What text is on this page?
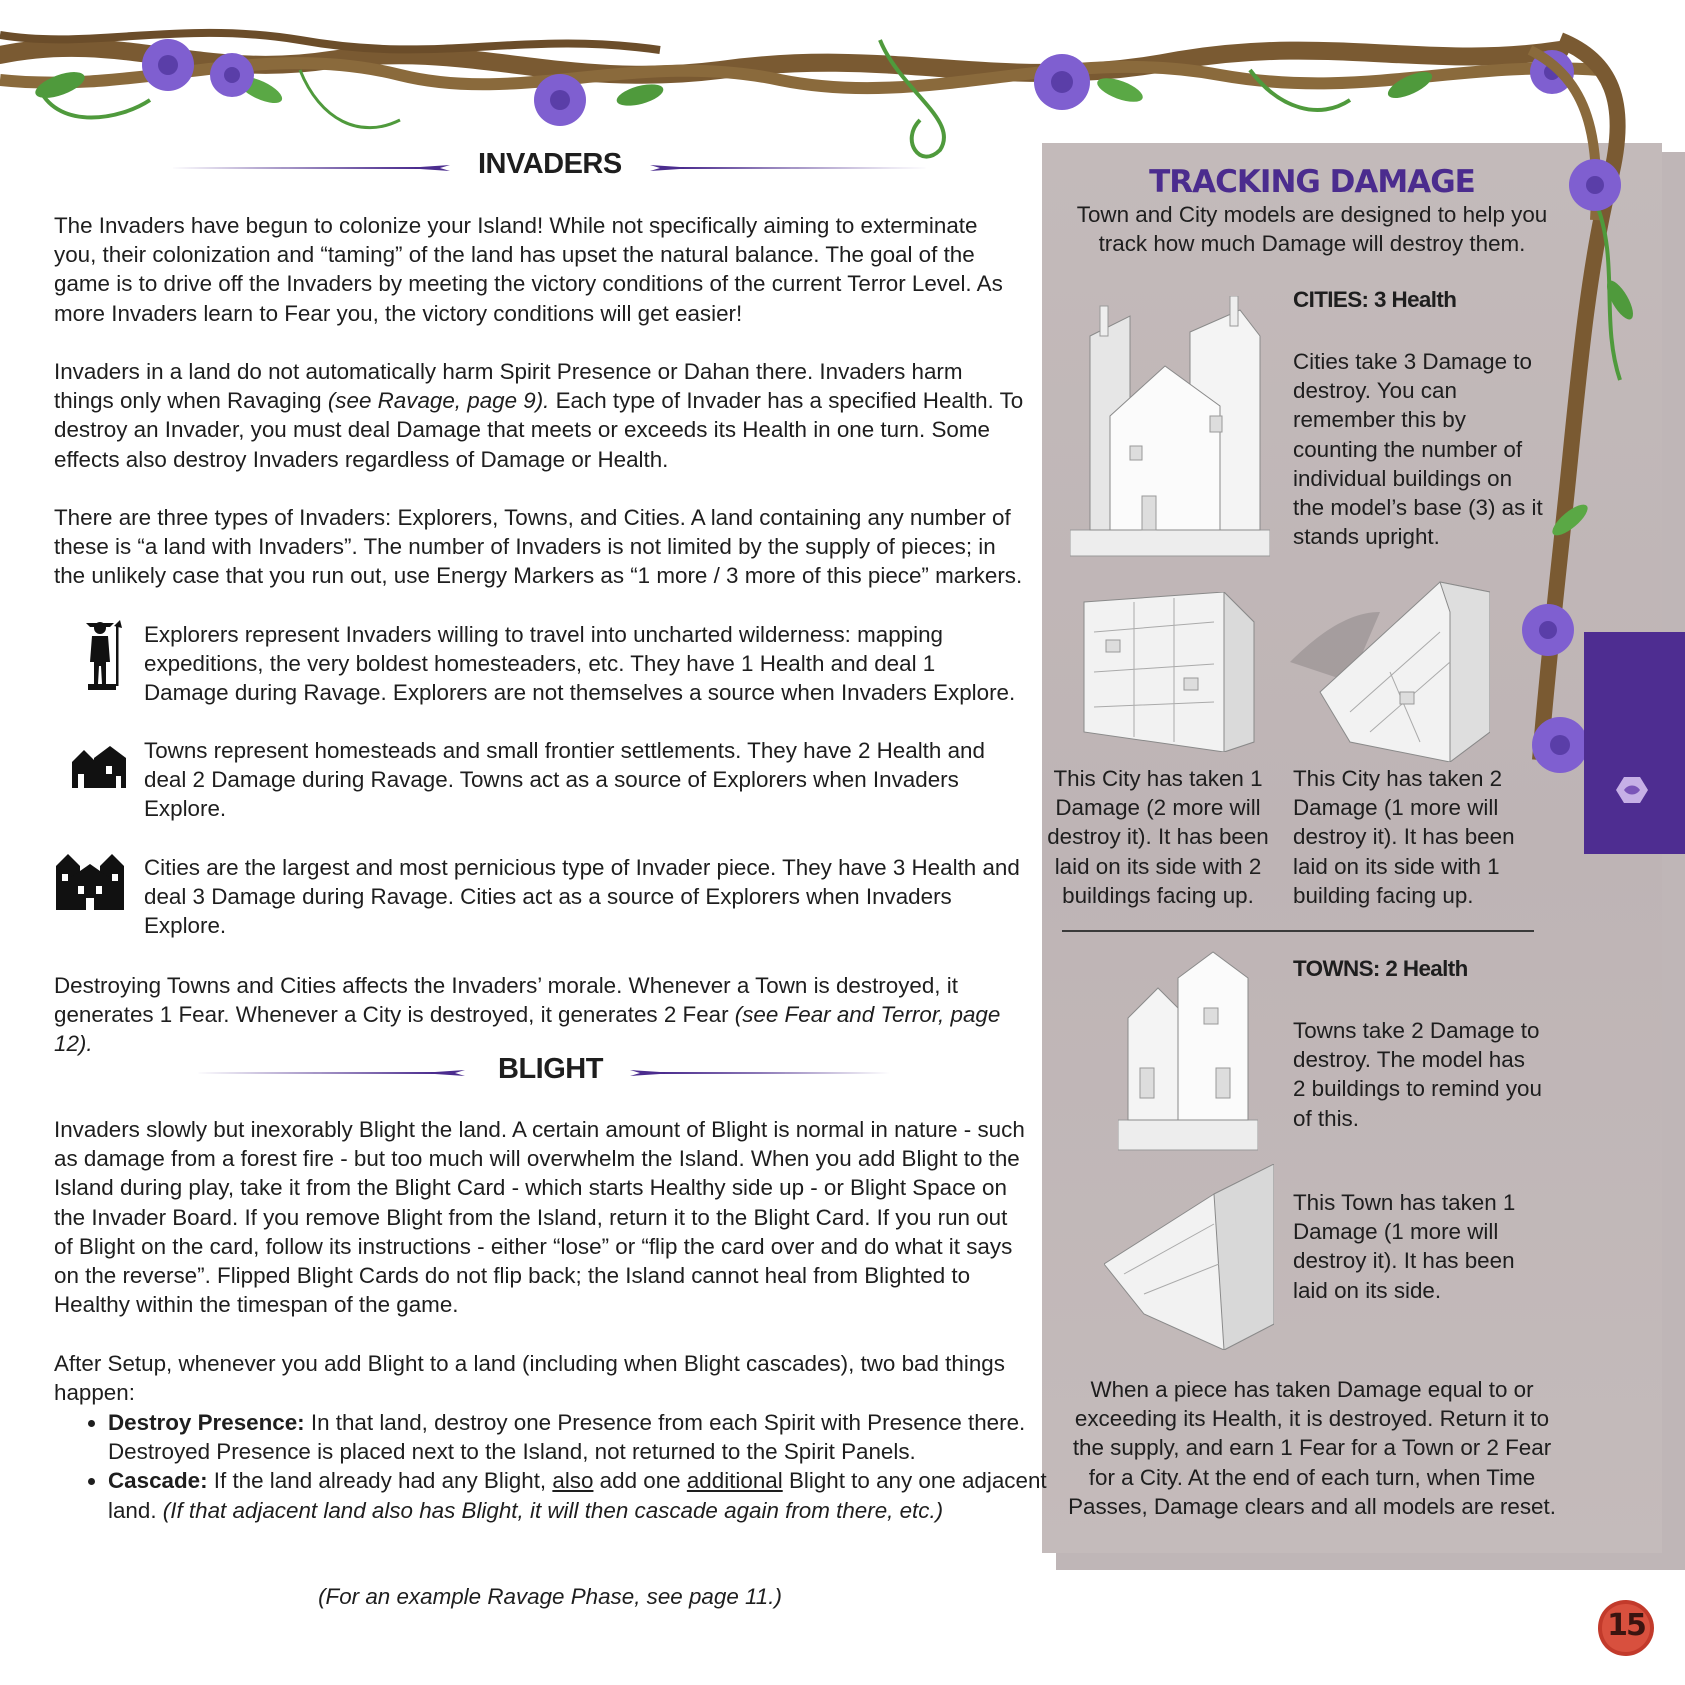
INVADERS

The Invaders have begun to colonize your Island! While not specifically aiming to exterminate you, their colonization and “taming” of the land has upset the natural balance. The goal of the game is to drive off the Invaders by meeting the victory conditions of the current Terror Level. As more Invaders learn to Fear you, the victory conditions will get easier!

Invaders in a land do not automatically harm Spirit Presence or Dahan there. Invaders harm things only when Ravaging (see Ravage, page 9). Each type of Invader has a specified Health. To destroy an Invader, you must deal Damage that meets or exceeds its Health in one turn. Some effects also destroy Invaders regardless of Damage or Health.

There are three types of Invaders: Explorers, Towns, and Cities. A land containing any number of these is “a land with Invaders”. The number of Invaders is not limited by the supply of pieces; in the unlikely case that you run out, use Energy Markers as “1 more / 3 more of this piece” markers.

Explorers represent Invaders willing to travel into uncharted wilderness: mapping expeditions, the very boldest homesteaders, etc. They have 1 Health and deal 1 Damage during Ravage. Explorers are not themselves a source when Invaders Explore.

Towns represent homesteads and small frontier settlements. They have 2 Health and deal 2 Damage during Ravage. Towns act as a source of Explorers when Invaders Explore.

Cities are the largest and most pernicious type of Invader piece. They have 3 Health and deal 3 Damage during Ravage. Cities act as a source of Explorers when Invaders Explore.

Destroying Towns and Cities affects the Invaders’ morale. Whenever a Town is destroyed, it generates 1 Fear. Whenever a City is destroyed, it generates 2 Fear (see Fear and Terror, page 12).

BLIGHT

Invaders slowly but inexorably Blight the land. A certain amount of Blight is normal in nature - such as damage from a forest fire - but too much will overwhelm the Island. When you add Blight to the Island during play, take it from the Blight Card - which starts Healthy side up - or Blight Space on the Invader Board. If you remove Blight from the Island, return it to the Blight Card. If you run out of Blight on the card, follow its instructions - either “lose” or “flip the card over and do what it says on the reverse”. Flipped Blight Cards do not flip back; the Island cannot heal from Blighted to Healthy within the timespan of the game.

After Setup, whenever you add Blight to a land (including when Blight cascades), two bad things happen:

• Destroy Presence: In that land, destroy one Presence from each Spirit with Presence there. Destroyed Presence is placed next to the Island, not returned to the Spirit Panels.
• Cascade: If the land already had any Blight, also add one additional Blight to any one adjacent land. (If that adjacent land also has Blight, it will then cascade again from there, etc.)
(For an example Ravage Phase, see page 11.)
TRACKING DAMAGE
Town and City models are designed to help you track how much Damage will destroy them.
CITIES: 3 Health

Cities take 3 Damage to destroy. You can remember this by counting the number of individual buildings on the model’s base (3) as it stands upright.

This City has taken 1 Damage (2 more will destroy it). It has been laid on its side with 2 buildings facing up.

This City has taken 2 Damage (1 more will destroy it). It has been laid on its side with 1 building facing up.

TOWNS: 2 Health

Towns take 2 Damage to destroy. The model has 2 buildings to remind you of this.

This Town has taken 1 Damage (1 more will destroy it). It has been laid on its side.

When a piece has taken Damage equal to or exceeding its Health, it is destroyed. Return it to the supply, and earn 1 Fear for a Town or 2 Fear for a City. At the end of each turn, when Time Passes, Damage clears and all models are reset.

15
